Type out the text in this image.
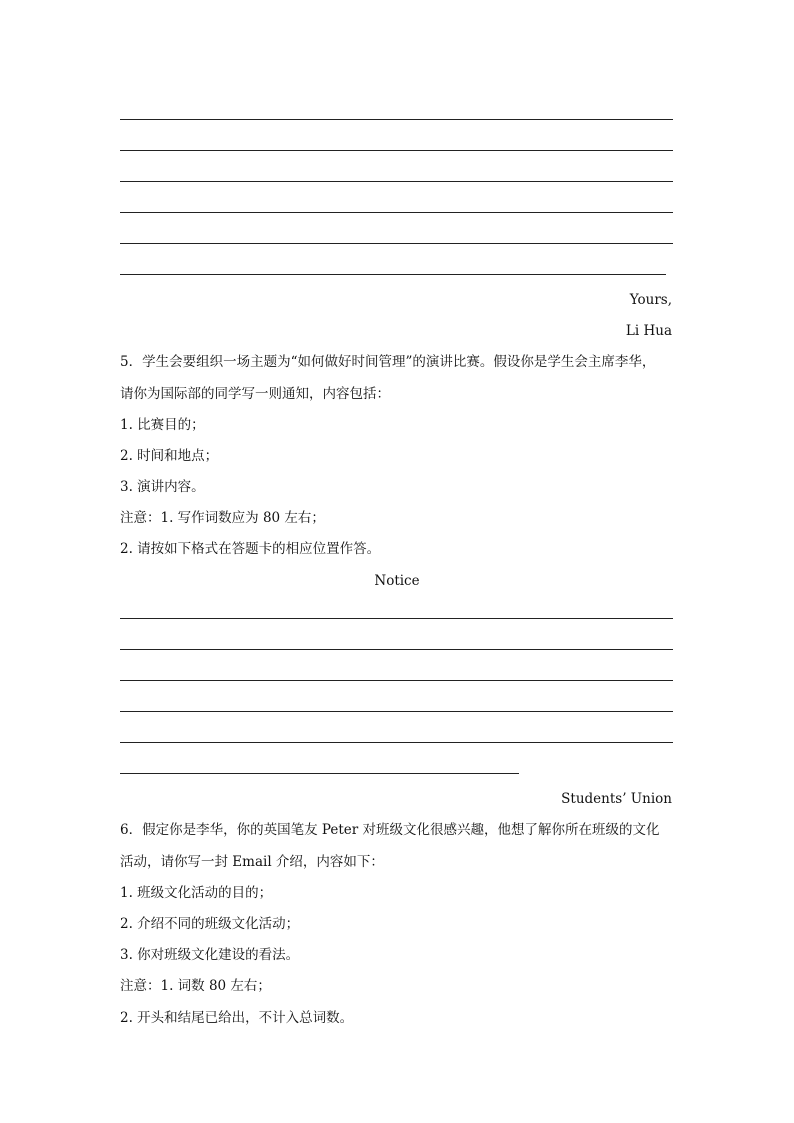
Yours,
Li Hua
5．学生会要组织一场主题为“如何做好时间管理”的演讲比赛。假设你是学生会主席李华，
请你为国际部的同学写一则通知，内容包括：
1. 比赛目的；
2. 时间和地点；
3. 演讲内容。
注意：1. 写作词数应为 80 左右；
2. 请按如下格式在答题卡的相应位置作答。
Notice
Students’ Union
6．假定你是李华，你的英国笔友 Peter 对班级文化很感兴趣，他想了解你所在班级的文化
活动，请你写一封 Email 介绍，内容如下：
1. 班级文化活动的目的；
2. 介绍不同的班级文化活动；
3. 你对班级文化建设的看法。
注意：1. 词数 80 左右；
2. 开头和结尾已给出，不计入总词数。
